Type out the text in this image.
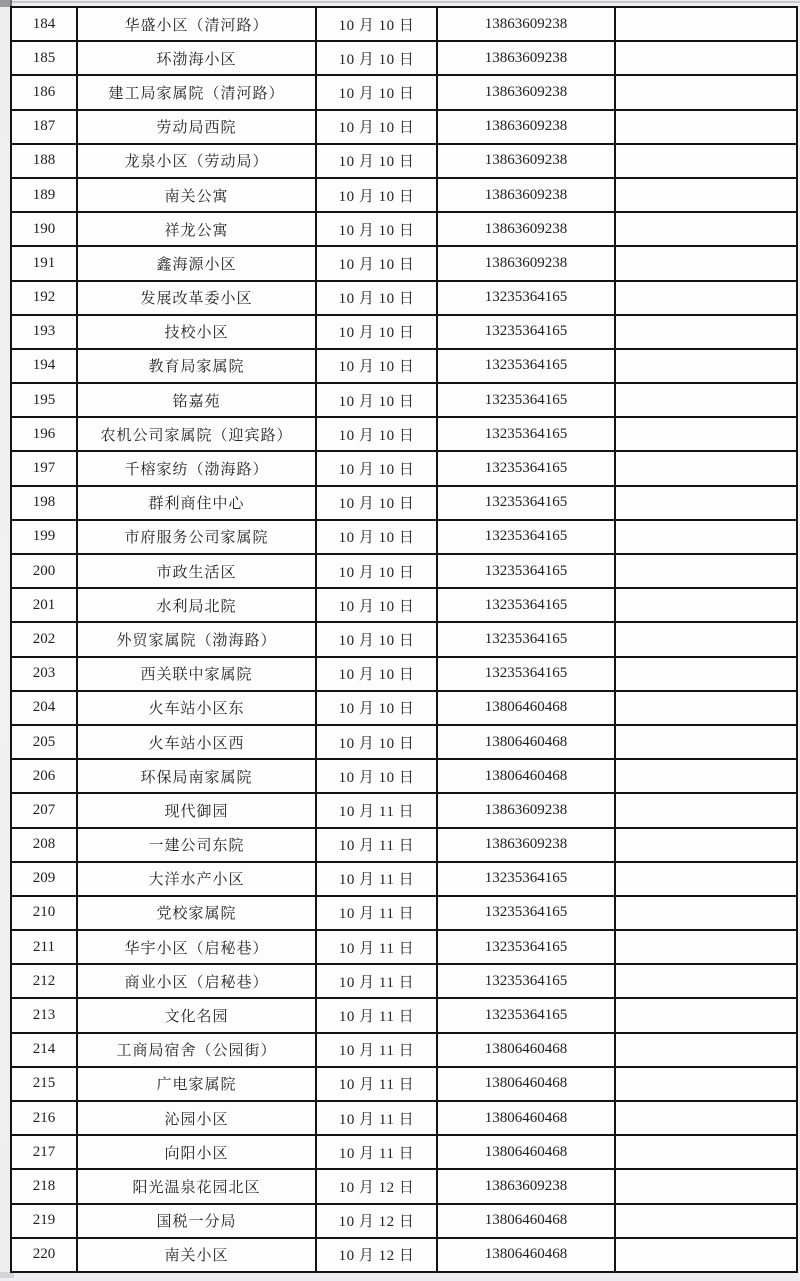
184	华盛小区（清河路）	10 月 10 日	13863609238	
185	环渤海小区	10 月 10 日	13863609238	
186	建工局家属院（清河路）	10 月 10 日	13863609238	
187	劳动局西院	10 月 10 日	13863609238	
188	龙泉小区（劳动局）	10 月 10 日	13863609238	
189	南关公寓	10 月 10 日	13863609238	
190	祥龙公寓	10 月 10 日	13863609238	
191	鑫海源小区	10 月 10 日	13863609238	
192	发展改革委小区	10 月 10 日	13235364165	
193	技校小区	10 月 10 日	13235364165	
194	教育局家属院	10 月 10 日	13235364165	
195	铭嘉苑	10 月 10 日	13235364165	
196	农机公司家属院（迎宾路）	10 月 10 日	13235364165	
197	千榕家纺（渤海路）	10 月 10 日	13235364165	
198	群利商住中心	10 月 10 日	13235364165	
199	市府服务公司家属院	10 月 10 日	13235364165	
200	市政生活区	10 月 10 日	13235364165	
201	水利局北院	10 月 10 日	13235364165	
202	外贸家属院（渤海路）	10 月 10 日	13235364165	
203	西关联中家属院	10 月 10 日	13235364165	
204	火车站小区东	10 月 10 日	13806460468	
205	火车站小区西	10 月 10 日	13806460468	
206	环保局南家属院	10 月 10 日	13806460468	
207	现代御园	10 月 11 日	13863609238	
208	一建公司东院	10 月 11 日	13863609238	
209	大洋水产小区	10 月 11 日	13235364165	
210	党校家属院	10 月 11 日	13235364165	
211	华宇小区（启秘巷）	10 月 11 日	13235364165	
212	商业小区（启秘巷）	10 月 11 日	13235364165	
213	文化名园	10 月 11 日	13235364165	
214	工商局宿舍（公园街）	10 月 11 日	13806460468	
215	广电家属院	10 月 11 日	13806460468	
216	沁园小区	10 月 11 日	13806460468	
217	向阳小区	10 月 11 日	13806460468	
218	阳光温泉花园北区	10 月 12 日	13863609238	
219	国税一分局	10 月 12 日	13806460468	
220	南关小区	10 月 12 日	13806460468	
